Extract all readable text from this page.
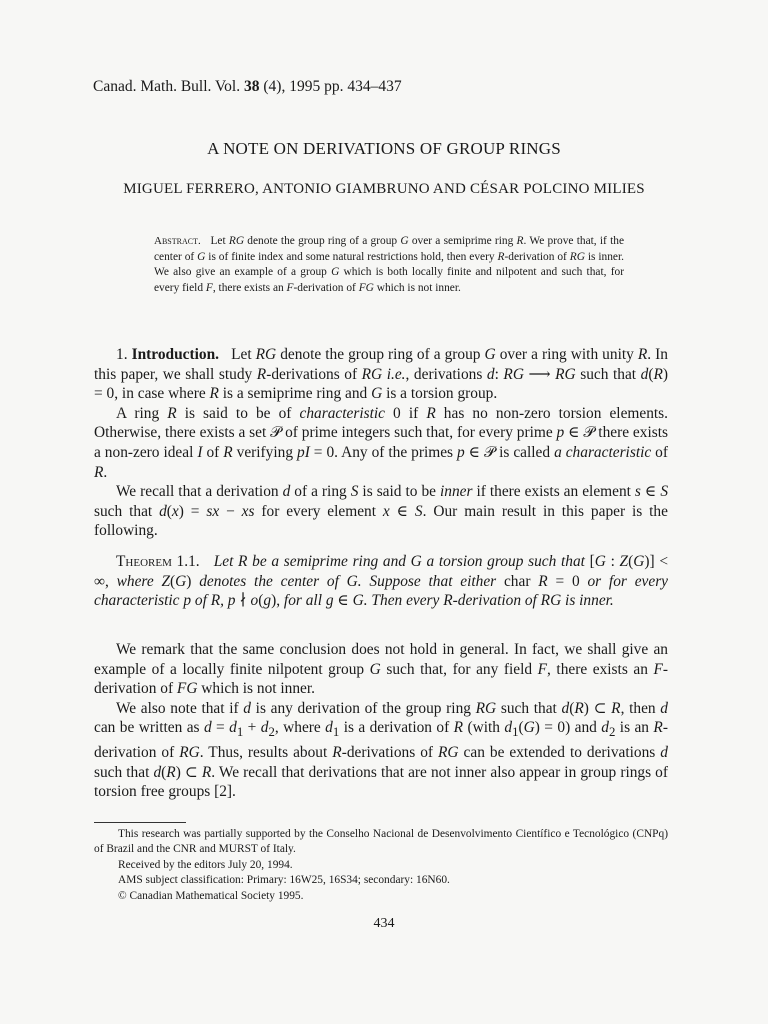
Canad. Math. Bull. Vol. 38 (4), 1995 pp. 434–437
A NOTE ON DERIVATIONS OF GROUP RINGS
MIGUEL FERRERO, ANTONIO GIAMBRUNO AND CÉSAR POLCINO MILIES
Abstract. Let RG denote the group ring of a group G over a semiprime ring R. We prove that, if the center of G is of finite index and some natural restrictions hold, then every R-derivation of RG is inner. We also give an example of a group G which is both locally finite and nilpotent and such that, for every field F, there exists an F-derivation of FG which is not inner.

1. Introduction. Let RG denote the group ring of a group G over a ring with unity R. In this paper, we shall study R-derivations of RG i.e., derivations d: RG ⟶ RG such that d(R) = 0, in case where R is a semiprime ring and G is a torsion group.

A ring R is said to be of characteristic 0 if R has no non-zero torsion elements. Otherwise, there exists a set 𝒫 of prime integers such that, for every prime p ∈ 𝒫 there exists a non-zero ideal I of R verifying pI = 0. Any of the primes p ∈ 𝒫 is called a characteristic of R.

We recall that a derivation d of a ring S is said to be inner if there exists an element s ∈ S such that d(x) = sx − xs for every element x ∈ S. Our main result in this paper is the following.

Theorem 1.1. Let R be a semiprime ring and G a torsion group such that [G : Z(G)] < ∞, where Z(G) denotes the center of G. Suppose that either char R = 0 or for every characteristic p of R, p ∤ o(g), for all g ∈ G. Then every R-derivation of RG is inner.

We remark that the same conclusion does not hold in general. In fact, we shall give an example of a locally finite nilpotent group G such that, for any field F, there exists an F-derivation of FG which is not inner.

We also note that if d is any derivation of the group ring RG such that d(R) ⊂ R, then d can be written as $d = d_1 + d_2$, where $d_1$ is a derivation of R (with $d_1(G) = 0$) and $d_2$ is an R-derivation of RG. Thus, results about R-derivations of RG can be extended to derivations d such that d(R) ⊂ R. We recall that derivations that are not inner also appear in group rings of torsion free groups [2].

This research was partially supported by the Conselho Nacional de Desenvolvimento Científico e Tecnológico (CNPq) of Brazil and the CNR and MURST of Italy.

Received by the editors July 20, 1994.

AMS subject classification: Primary: 16W25, 16S34; secondary: 16N60.

© Canadian Mathematical Society 1995.

434
